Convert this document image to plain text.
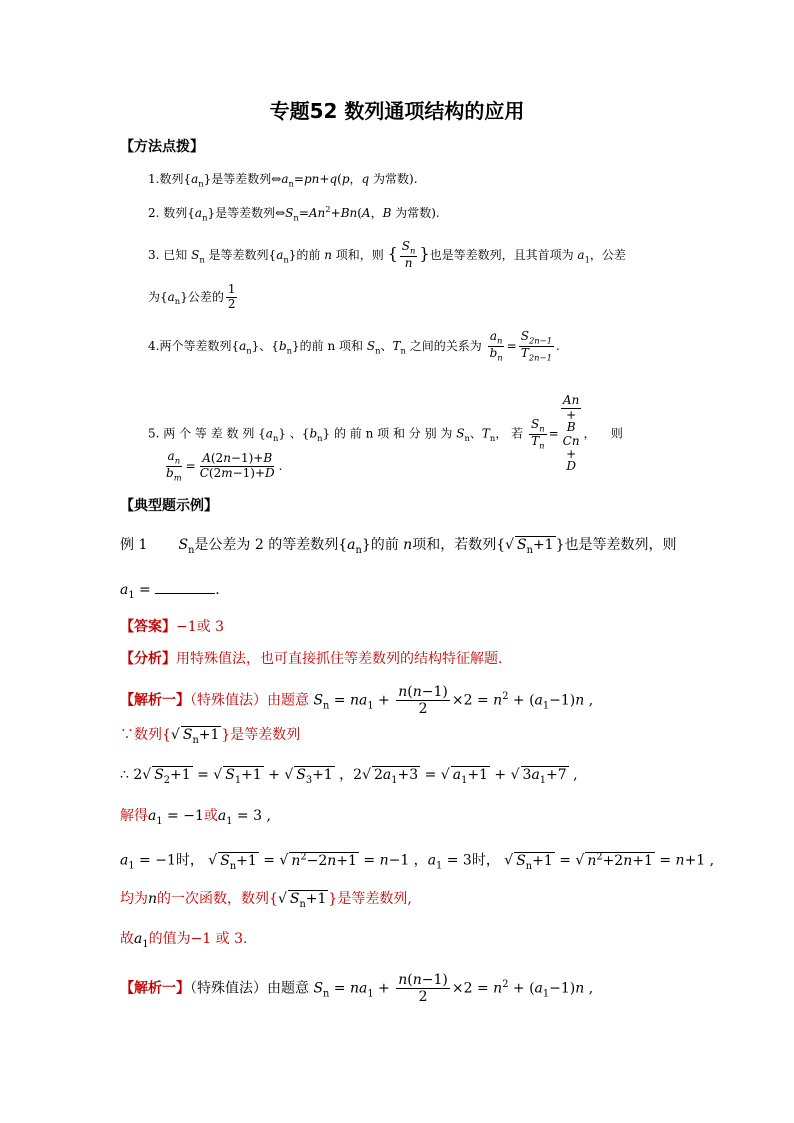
专题52 数列通项结构的应用
【方法点拨】
1.数列$\{a_n\}$是等差数列$\Leftrightarrow a_n=pn+q(p$，q 为常数).
2. 数列$\{a_n\}$是等差数列$\Leftrightarrow S_n=An^2+Bn(A$，B 为常数).
3. 已知 $S_n$ 是等差数列$\{a_n\}$的前 n 项和，则 { $\frac{S_n}{n}$ }也是等差数列，且其首项为 $a_1$，公差
为$\{a_n\}$公差的 $\frac{1}{2}$
4.两个等差数列$\{a_n\}$、$\{b_n\}$的前 n 项和 $S_n$、$T_n$ 之间的关系为 $\frac{a_n}{b_n} = \frac{S_{2n-1}}{T_{2n-1}}$ .
5. 两 个 等 差 数 列 $\{a_n\}$ 、$\{b_n\}$ 的 前 n 项 和 分 别 为 $S_n$、$T_n$， 若 $\frac{S_n}{T_n}$ =
An
+
B
Cn
+
D
，    则
$\frac{a_n}{b_m} = \frac{A(2n-1)+B}{C(2m-1)+D}$ .
【典型题示例】
例 1       $S_n$是公差为 2 的等差数列$\{a_n\}$的前 n项和，若数列{√ $S_n+1$ }也是等差数列，则
$a_1$ =	.
【答案】−1或 3
【分析】用特殊值法，也可直接抓住等差数列的结构特征解题.
【解析一】（特殊值法）由题意 $S_n = na_1 + \frac{n(n-1)}{2} \times 2 = n^2 + (a_1-1)n$ ,
∵数列{√ $S_n+1$ }是等差数列
∴ 2√ $S_2+1$ = √ $S_1+1$ + √ $S_3+1$ ，2√ $2a_1+3$ = √ $a_1+1$ + √ $3a_1+7$ ,
解得$a_1 = -1$或$a_1 = 3$ ,
$a_1 = -1$时， √ $S_n+1$ = √ $n^2-2n+1 = n-1$ ，$a_1 = 3$时， √ $S_n+1$ = √ $n^2+2n+1 = n+1$ ,
均为n的一次函数，数列{√ $S_n+1$ }是等差数列,
故$a_1$的值为−1 或 3.
【解析一】（特殊值法）由题意 $S_n = na_1 + \frac{n(n-1)}{2} \times 2 = n^2 + (a_1-1)n$ ,
